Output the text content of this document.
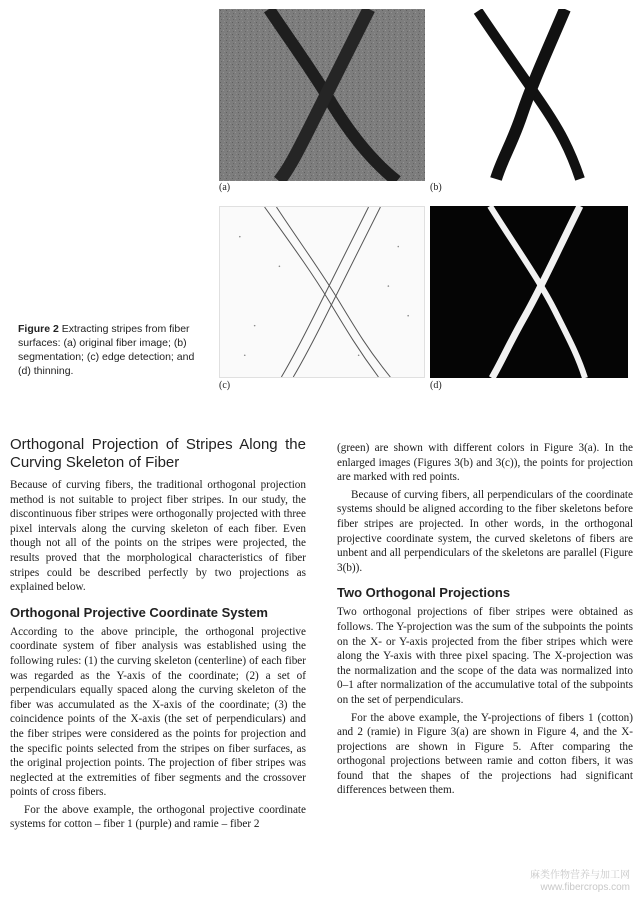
(a)	(b)
(c)	(d)
Figure 2 Extracting stripes from fiber surfaces: (a) original fiber image; (b) segmentation; (c) edge detection; and (d) thinning.
Orthogonal Projection of Stripes Along the Curving Skeleton of Fiber

Because of curving fibers, the traditional orthogonal projection method is not suitable to project fiber stripes. In our study, the discontinuous fiber stripes were orthogonally projected with three pixel intervals along the curving skeleton of each fiber. Even though not all of the points on the stripes were projected, the results proved that the morphological characteristics of fiber stripes could be described perfectly by two projections as explained below.

Orthogonal Projective Coordinate System

According to the above principle, the orthogonal projective coordinate system of fiber analysis was established using the following rules: (1) the curving skeleton (centerline) of each fiber was regarded as the Y-axis of the coordinate; (2) a set of perpendiculars equally spaced along the curving skeleton of the fiber was accumulated as the X-axis of the coordinate; (3) the coincidence points of the X-axis (the set of perpendiculars) and the fiber stripes were considered as the points for projection and the specific points selected from the stripes on fiber surfaces, as the original projection points. The projection of fiber stripes was neglected at the extremities of fiber segments and the crossover points of cross fibers.

For the above example, the orthogonal projective coordinate systems for cotton – fiber 1 (purple) and ramie – fiber 2

(green) are shown with different colors in Figure 3(a). In the enlarged images (Figures 3(b) and 3(c)), the points for projection are marked with red points.

Because of curving fibers, all perpendiculars of the coordinate systems should be aligned according to the fiber skeletons before fiber stripes are projected. In other words, in the orthogonal projective coordinate system, the curved skeletons of fibers are unbent and all perpendiculars of the skeletons are parallel (Figure 3(b)).

Two Orthogonal Projections

Two orthogonal projections of fiber stripes were obtained as follows. The Y-projection was the sum of the subpoints the points on the X- or Y-axis projected from the fiber stripes which were along the Y-axis with three pixel spacing. The X-projection was the normalization and the scope of the data was normalized into 0–1 after normalization of the accumulative total of the subpoints on the set of perpendiculars.

For the above example, the Y-projections of fibers 1 (cotton) and 2 (ramie) in Figure 3(a) are shown in Figure 4, and the X-projections are shown in Figure 5. After comparing the orthogonal projections between ramie and cotton fibers, it was found that the shapes of the projections had significant differences between them.

麻类作物营养与加工网
www.fibercrops.com
